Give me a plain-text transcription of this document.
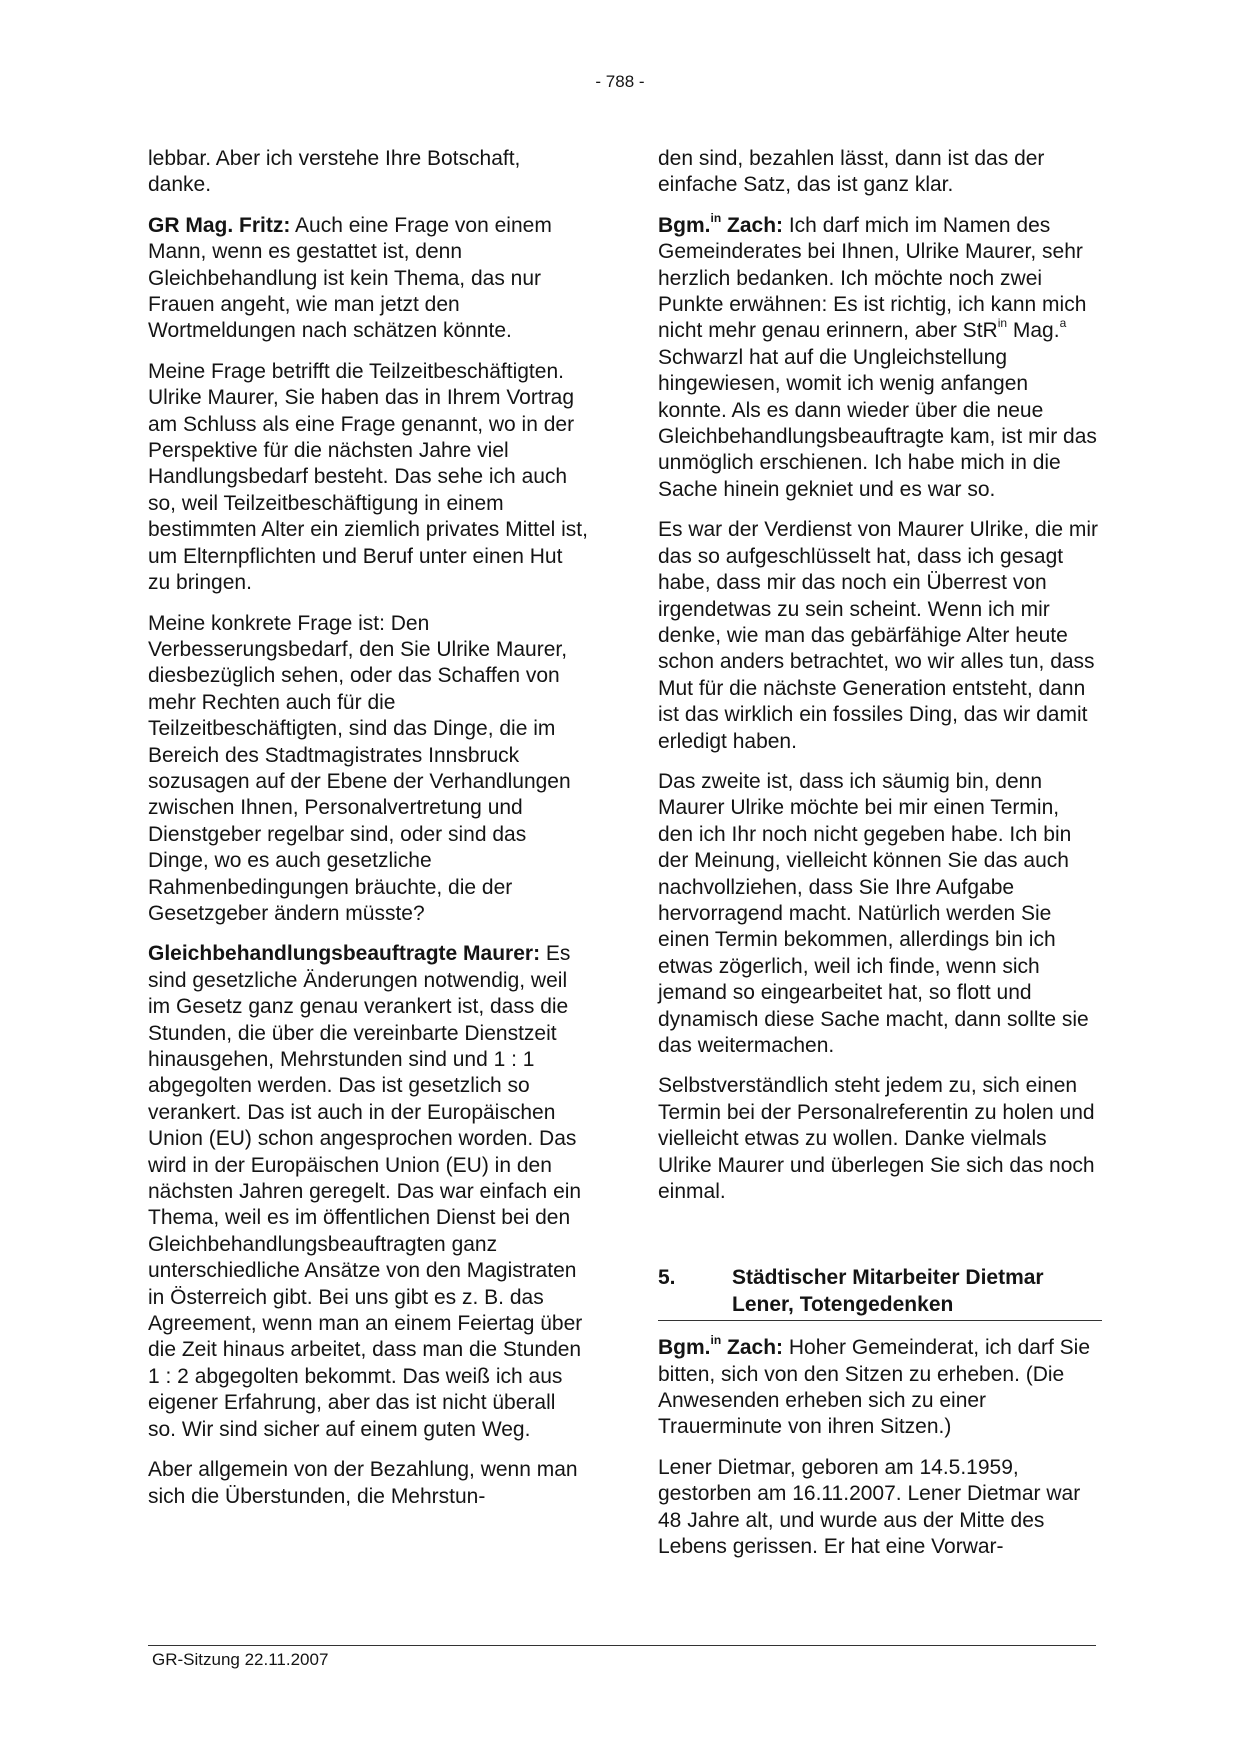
- 788 -

lebbar. Aber ich verstehe Ihre Botschaft, danke.

GR Mag. Fritz: Auch eine Frage von einem Mann, wenn es gestattet ist, denn Gleichbehandlung ist kein Thema, das nur Frauen angeht, wie man jetzt den Wortmeldungen nach schätzen könnte.

Meine Frage betrifft die Teilzeitbeschäftigten. Ulrike Maurer, Sie haben das in Ihrem Vortrag am Schluss als eine Frage genannt, wo in der Perspektive für die nächsten Jahre viel Handlungsbedarf besteht. Das sehe ich auch so, weil Teilzeitbeschäftigung in einem bestimmten Alter ein ziemlich privates Mittel ist, um Elternpflichten und Beruf unter einen Hut zu bringen.

Meine konkrete Frage ist: Den Verbesserungsbedarf, den Sie Ulrike Maurer, diesbezüglich sehen, oder das Schaffen von mehr Rechten auch für die Teilzeitbeschäftigten, sind das Dinge, die im Bereich des Stadtmagistrates Innsbruck sozusagen auf der Ebene der Verhandlungen zwischen Ihnen, Personalvertretung und Dienstgeber regelbar sind, oder sind das Dinge, wo es auch gesetzliche Rahmenbedingungen bräuchte, die der Gesetzgeber ändern müsste?

Gleichbehandlungsbeauftragte Maurer: Es sind gesetzliche Änderungen notwendig, weil im Gesetz ganz genau verankert ist, dass die Stunden, die über die vereinbarte Dienstzeit hinausgehen, Mehrstunden sind und 1 : 1 abgegolten werden. Das ist gesetzlich so verankert. Das ist auch in der Europäischen Union (EU) schon angesprochen worden. Das wird in der Europäischen Union (EU) in den nächsten Jahren geregelt. Das war einfach ein Thema, weil es im öffentlichen Dienst bei den Gleichbehandlungsbeauftragten ganz unterschiedliche Ansätze von den Magistraten in Österreich gibt. Bei uns gibt es z. B. das Agreement, wenn man an einem Feiertag über die Zeit hinaus arbeitet, dass man die Stunden 1 : 2 abgegolten bekommt. Das weiß ich aus eigener Erfahrung, aber das ist nicht überall so. Wir sind sicher auf einem guten Weg.

Aber allgemein von der Bezahlung, wenn man sich die Überstunden, die Mehrstun-

den sind, bezahlen lässt, dann ist das der einfache Satz, das ist ganz klar.

Bgm.$^{in}$ Zach: Ich darf mich im Namen des Gemeinderates bei Ihnen, Ulrike Maurer, sehr herzlich bedanken. Ich möchte noch zwei Punkte erwähnen: Es ist richtig, ich kann mich nicht mehr genau erinnern, aber StR$^{in}$ Mag.$^a$ Schwarzl hat auf die Ungleichstellung hingewiesen, womit ich wenig anfangen konnte. Als es dann wieder über die neue Gleichbehandlungsbeauftragte kam, ist mir das unmöglich erschienen. Ich habe mich in die Sache hinein gekniet und es war so.

Es war der Verdienst von Maurer Ulrike, die mir das so aufgeschlüsselt hat, dass ich gesagt habe, dass mir das noch ein Überrest von irgendetwas zu sein scheint. Wenn ich mir denke, wie man das gebärfähige Alter heute schon anders betrachtet, wo wir alles tun, dass Mut für die nächste Generation entsteht, dann ist das wirklich ein fossiles Ding, das wir damit erledigt haben.

Das zweite ist, dass ich säumig bin, denn Maurer Ulrike möchte bei mir einen Termin, den ich Ihr noch nicht gegeben habe. Ich bin der Meinung, vielleicht können Sie das auch nachvollziehen, dass Sie Ihre Aufgabe hervorragend macht. Natürlich werden Sie einen Termin bekommen, allerdings bin ich etwas zögerlich, weil ich finde, wenn sich jemand so eingearbeitet hat, so flott und dynamisch diese Sache macht, dann sollte sie das weitermachen.

Selbstverständlich steht jedem zu, sich einen Termin bei der Personalreferentin zu holen und vielleicht etwas zu wollen. Danke vielmals Ulrike Maurer und überlegen Sie sich das noch einmal.

5.	Städtischer Mitarbeiter Dietmar Lener, Totengedenken

Bgm.$^{in}$ Zach: Hoher Gemeinderat, ich darf Sie bitten, sich von den Sitzen zu erheben. (Die Anwesenden erheben sich zu einer Trauerminute von ihren Sitzen.)

Lener Dietmar, geboren am 14.5.1959, gestorben am 16.11.2007. Lener Dietmar war 48 Jahre alt, und wurde aus der Mitte des Lebens gerissen. Er hat eine Vorwar-

GR-Sitzung 22.11.2007
